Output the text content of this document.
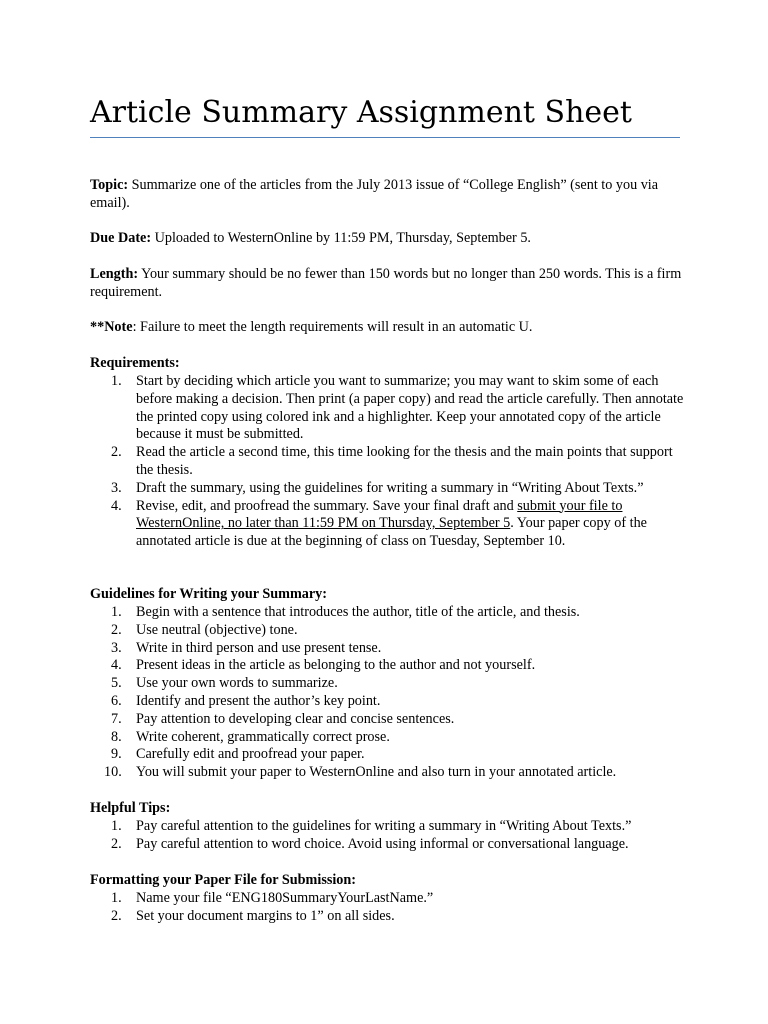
Article Summary Assignment Sheet

Topic: Summarize one of the articles from the July 2013 issue of “College English” (sent to you via email).

Due Date: Uploaded to WesternOnline by 11:59 PM, Thursday, September 5.

Length: Your summary should be no fewer than 150 words but no longer than 250 words. This is a firm requirement.

**Note: Failure to meet the length requirements will result in an automatic U.

Requirements:

1. Start by deciding which article you want to summarize; you may want to skim some of each before making a decision. Then print (a paper copy) and read the article carefully. Then annotate the printed copy using colored ink and a highlighter. Keep your annotated copy of the article because it must be submitted.
2. Read the article a second time, this time looking for the thesis and the main points that support the thesis.
3. Draft the summary, using the guidelines for writing a summary in “Writing About Texts.”
4. Revise, edit, and proofread the summary. Save your final draft and submit your file to WesternOnline, no later than 11:59 PM on Thursday, September 5. Your paper copy of the annotated article is due at the beginning of class on Tuesday, September 10.

Guidelines for Writing your Summary:

1. Begin with a sentence that introduces the author, title of the article, and thesis.
2. Use neutral (objective) tone.
3. Write in third person and use present tense.
4. Present ideas in the article as belonging to the author and not yourself.
5. Use your own words to summarize.
6. Identify and present the author’s key point.
7. Pay attention to developing clear and concise sentences.
8. Write coherent, grammatically correct prose.
9. Carefully edit and proofread your paper.
10. You will submit your paper to WesternOnline and also turn in your annotated article.

Helpful Tips:

1. Pay careful attention to the guidelines for writing a summary in “Writing About Texts.”
2. Pay careful attention to word choice. Avoid using informal or conversational language.

Formatting your Paper File for Submission:

1. Name your file “ENG180SummaryYourLastName.”
2. Set your document margins to 1” on all sides.
